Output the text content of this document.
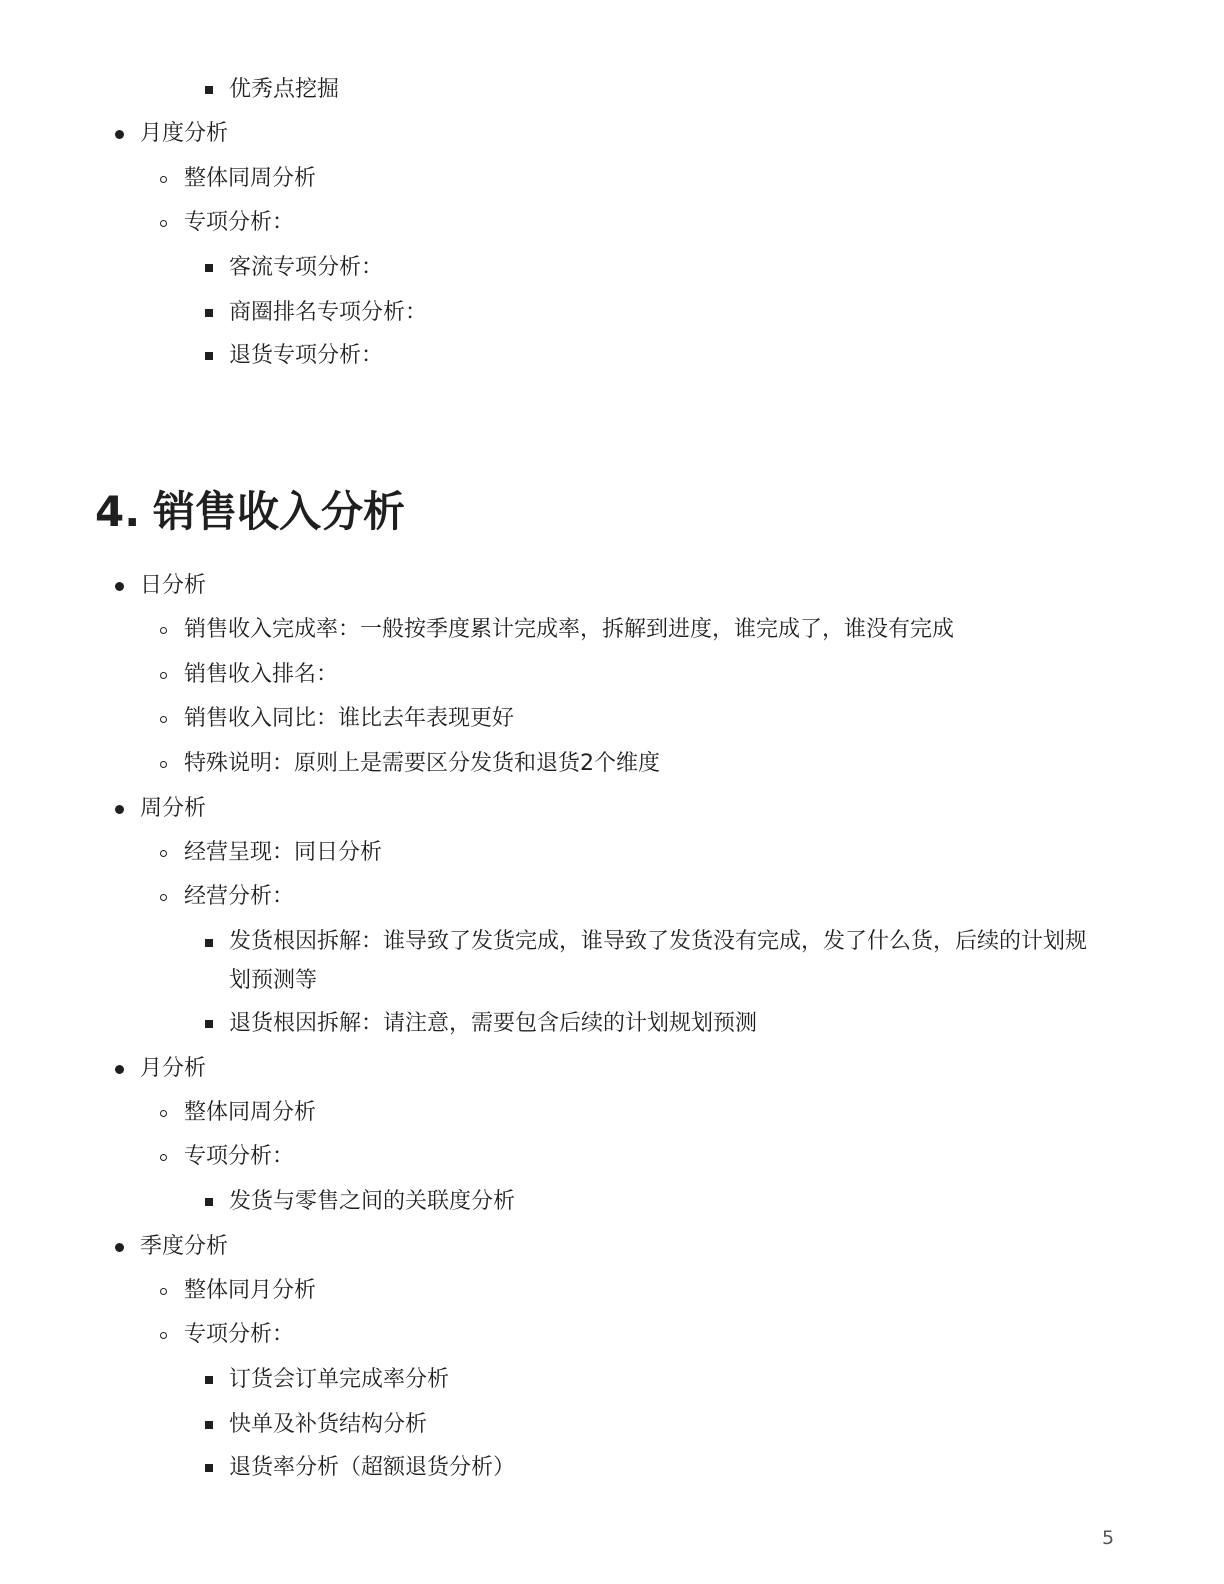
优秀点挖掘
月度分析
整体同周分析
专项分析：
客流专项分析：
商圈排名专项分析：
退货专项分析：
4. 销售收入分析
日分析
销售收入完成率：一般按季度累计完成率，拆解到进度，谁完成了，谁没有完成
销售收入排名：
销售收入同比：谁比去年表现更好
特殊说明：原则上是需要区分发货和退货2个维度
周分析
经营呈现：同日分析
经营分析：
发货根因拆解：谁导致了发货完成，谁导致了发货没有完成，发了什么货，后续的计划规
划预测等
退货根因拆解：请注意，需要包含后续的计划规划预测
月分析
整体同周分析
专项分析：
发货与零售之间的关联度分析
季度分析
整体同月分析
专项分析：
订货会订单完成率分析
快单及补货结构分析
退货率分析（超额退货分析）
5
